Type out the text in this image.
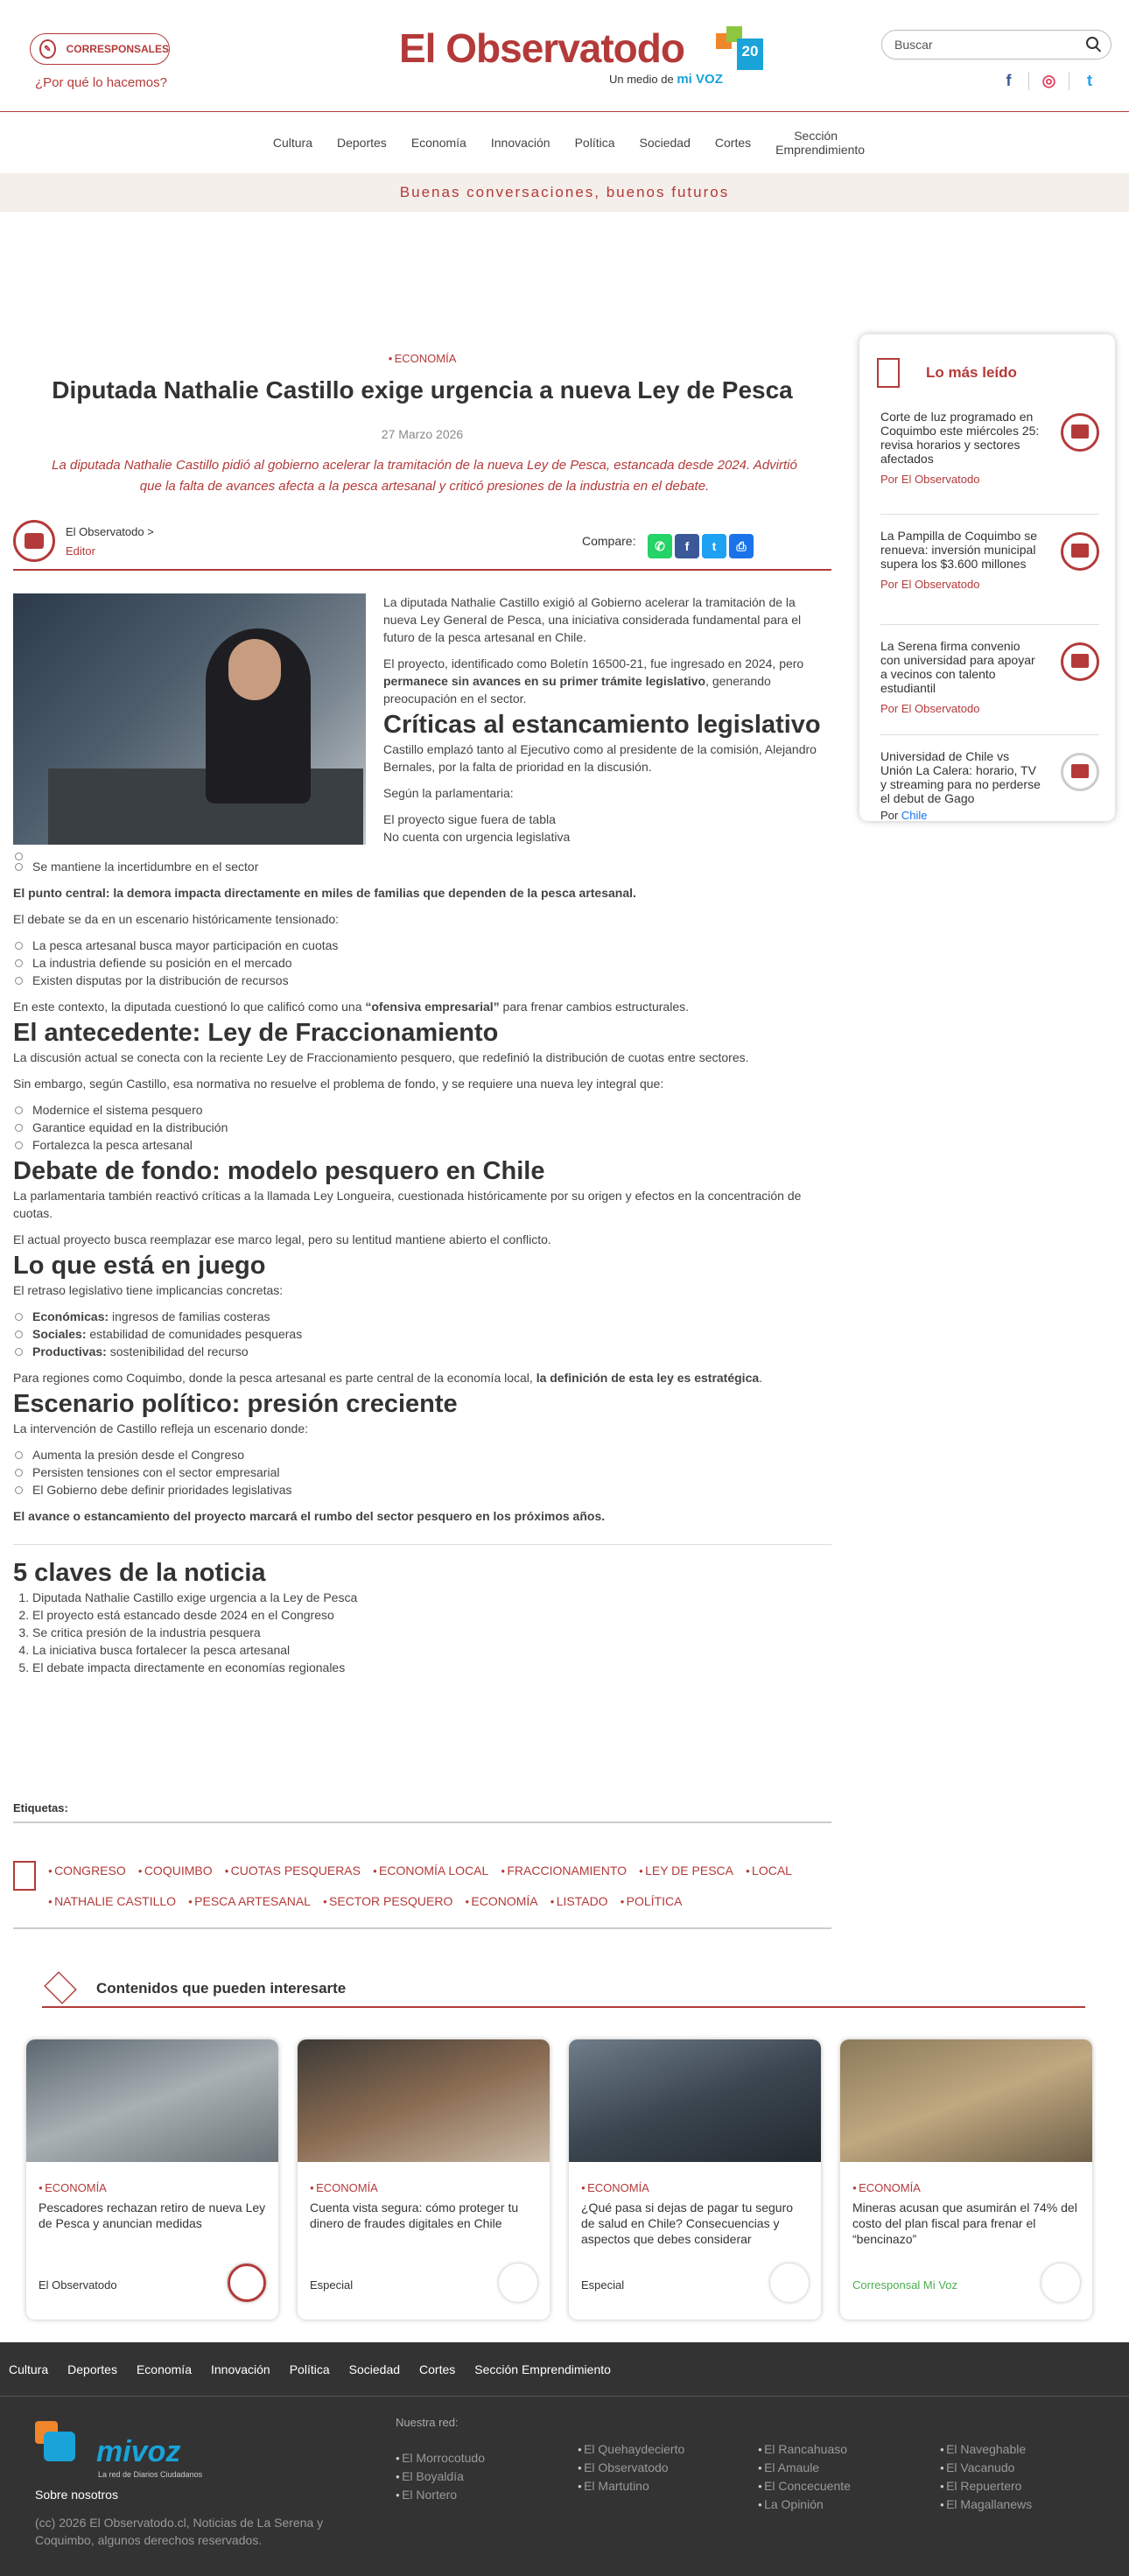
✎	CORRESPONSALES
¿Por qué lo hacemos?
El Observatodo	20
Un medio de mi VOZ
Buscar
f	◎	t
Cultura	Deportes	Economía	Innovación	Política	Sociedad	Cortes	Sección Emprendimiento
Buenas conversaciones, buenos futuros
● ECONOMÍA
Diputada Nathalie Castillo exige urgencia a nueva Ley de Pesca
27 Marzo 2026
La diputada Nathalie Castillo pidió al gobierno acelerar la tramitación de la nueva Ley de Pesca, estancada desde 2024. Advirtió que la falta de avances afecta a la pesca artesanal y criticó presiones de la industria en el debate.
El Observatodo >
Editor
Compare:	✆	f	t	⎙

La diputada Nathalie Castillo exigió al Gobierno acelerar la tramitación de la nueva Ley General de Pesca, una iniciativa considerada fundamental para el futuro de la pesca artesanal en Chile.

El proyecto, identificado como Boletín 16500-21, fue ingresado en 2024, pero permanece sin avances en su primer trámite legislativo, generando preocupación en el sector.

Críticas al estancamiento legislativo

Castillo emplazó tanto al Ejecutivo como al presidente de la comisión, Alejandro Bernales, por la falta de prioridad en la discusión.

Según la parlamentaria:

El proyecto sigue fuera de tabla
No cuenta con urgencia legislativa
Se mantiene la incertidumbre en el sector

El punto central: la demora impacta directamente en miles de familias que dependen de la pesca artesanal.

El debate se da en un escenario históricamente tensionado:

La pesca artesanal busca mayor participación en cuotas
La industria defiende su posición en el mercado
Existen disputas por la distribución de recursos

En este contexto, la diputada cuestionó lo que calificó como una “ofensiva empresarial” para frenar cambios estructurales.

El antecedente: Ley de Fraccionamiento

La discusión actual se conecta con la reciente Ley de Fraccionamiento pesquero, que redefinió la distribución de cuotas entre sectores.

Sin embargo, según Castillo, esa normativa no resuelve el problema de fondo, y se requiere una nueva ley integral que:

Modernice el sistema pesquero
Garantice equidad en la distribución
Fortalezca la pesca artesanal
Debate de fondo: modelo pesquero en Chile

La parlamentaria también reactivó críticas a la llamada Ley Longueira, cuestionada históricamente por su origen y efectos en la concentración de cuotas.

El actual proyecto busca reemplazar ese marco legal, pero su lentitud mantiene abierto el conflicto.

Lo que está en juego

El retraso legislativo tiene implicancias concretas:

Económicas: ingresos de familias costeras
Sociales: estabilidad de comunidades pesqueras
Productivas: sostenibilidad del recurso

Para regiones como Coquimbo, donde la pesca artesanal es parte central de la economía local, la definición de esta ley es estratégica.

Escenario político: presión creciente

La intervención de Castillo refleja un escenario donde:

Aumenta la presión desde el Congreso
Persisten tensiones con el sector empresarial
El Gobierno debe definir prioridades legislativas

El avance o estancamiento del proyecto marcará el rumbo del sector pesquero en los próximos años.

5 claves de la noticia
1. Diputada Nathalie Castillo exige urgencia a la Ley de Pesca
2. El proyecto está estancado desde 2024 en el Congreso
3. Se critica presión de la industria pesquera
4. La iniciativa busca fortalecer la pesca artesanal
5. El debate impacta directamente en economías regionales
Lo más leído
Corte de luz programado en Coquimbo este miércoles 25: revisa horarios y sectores afectados
Por El Observatodo
La Pampilla de Coquimbo se renueva: inversión municipal supera los $3.600 millones
Por El Observatodo
La Serena firma convenio con universidad para apoyar a vecinos con talento estudiantil
Por El Observatodo
Universidad de Chile vs Unión La Calera: horario, TV y streaming para no perderse el debut de Gago
Por Chile
Etiquetas:
● CONGRESO ● COQUIMBO ● CUOTAS PESQUERAS ● ECONOMÍA LOCAL ● FRACCIONAMIENTO ● LEY DE PESCA ● LOCAL
● NATHALIE CASTILLO ● PESCA ARTESANAL ● SECTOR PESQUERO ● ECONOMÍA ● LISTADO ● POLÍTICA
Contenidos que pueden interesarte
● ECONOMÍA
Pescadores rechazan retiro de nueva Ley de Pesca y anuncian medidas
El Observatodo
● ECONOMÍA
Cuenta vista segura: cómo proteger tu dinero de fraudes digitales en Chile
Especial
● ECONOMÍA
¿Qué pasa si dejas de pagar tu seguro de salud en Chile? Consecuencias y aspectos que debes considerar
Especial
● ECONOMÍA
Mineras acusan que asumirán el 74% del costo del plan fiscal para frenar el “bencinazo”
Corresponsal Mi Voz
Cultura Deportes Economía Innovación Política Sociedad Cortes Sección Emprendimiento
mivoz
La red de Diarios Ciudadanos
Sobre nosotros
Nuestra red:
● El Morrocotudo
● El Boyaldía
● El Nortero
● El Quehaydecierto
● El Observatodo
● El Martutino
● El Rancahuaso
● El Amaule
● El Concecuente
● La Opinión
● El Naveghable
● El Vacanudo
● El Repuertero
● El Magallanews
(cc) 2026 El Observatodo.cl, Noticias de La Serena y Coquimbo, algunos derechos reservados.
